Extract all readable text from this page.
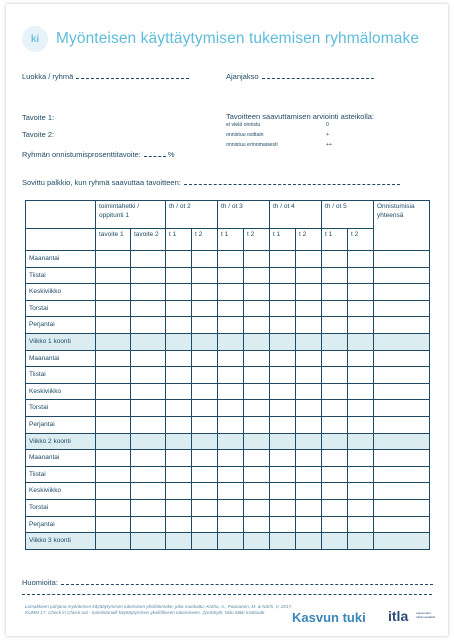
ki	Myönteisen käyttäytymisen tukemisen ryhmälomake
Luokka / ryhmä	Ajanjakso
Tavoite 1:
Tavoite 2:
Ryhmän onnistumisprosenttitavoite:	%
Tavoitteen saavuttamisen arviointi asteikolla:
ei vielä onnistu	0
onnistuu osittain	+
onnistuu erinomaisesti	++
Sovittu palkkio, kun ryhmä saavuttaa tavoitteen:
	toimintahetki / oppitunti 1		th / ot 2		th / ot 3		th / ot 4		th / ot 5		Onnistumisia yhteensä
	tavoite 1	tavoite 2	t 1	t 2	t 1	t 2	t 1	t 2	t 1	t 2	
Maanantai											
Tiistai											
Keskiviikko											
Torstai											
Perjantai											
Viikko 1 koonti											
Maanantai											
Tiistai											
Keskiviikko											
Torstai											
Perjantai											
Viikko 2 koonti											
Maanantai											
Tiistai											
Keskiviikko											
Torstai											
Perjantai											
Viikko 3 koonti											
Huomioita:
Lomakkeen pohjana myönteisen käyttäytymisen tukemisen yksilölomake, joka muokattu, Karhu, A., Paananen, M. & Närhi, V. 2017. KUMM 17. Check in Check out - toimintamalli käyttäytymisen yksilölliseen tukemiseen. Jyväskylä: Niilo Mäki Instituutti	Kasvun tuki itla	Lapsuuden tutkimussäätiö
